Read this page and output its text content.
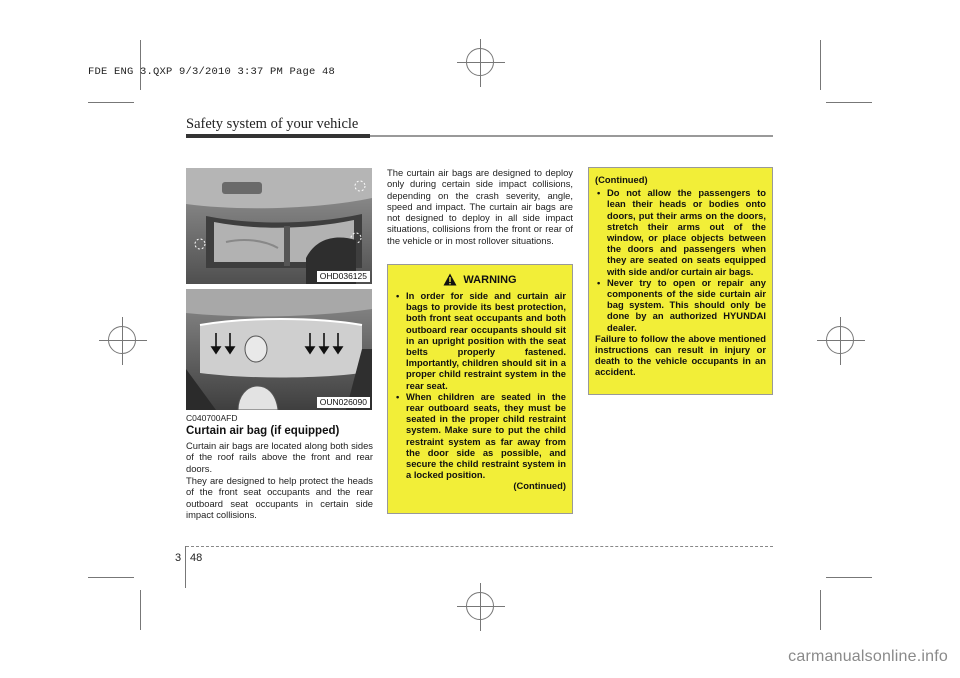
FDE ENG 3.QXP 9/3/2010 3:37 PM Page 48
Safety system of your vehicle
OHD036125
OUN026090
C040700AFD
Curtain air bag (if equipped)
Curtain air bags are located along both sides of the roof rails above the front and rear doors.
They are designed to help protect the heads of the front seat occupants and the rear outboard seat occupants in certain side impact collisions.
The curtain air bags are designed to deploy only during certain side impact collisions, depending on the crash severity, angle, speed and impact. The curtain air bags are not designed to deploy in all side impact situations, collisions from the front or rear of the vehicle or in most rollover situations.
WARNING
• In order for side and curtain air bags to provide its best protection, both front seat occupants and both outboard rear occupants should sit in an upright position with the seat belts properly fastened. Importantly, children should sit in a proper child restraint system in the rear seat.
• When children are seated in the rear outboard seats, they must be seated in the proper child restraint system. Make sure to put the child restraint system as far away from the door side as possible, and secure the child restraint system in a locked position.
(Continued)
(Continued)
• Do not allow the passengers to lean their heads or bodies onto doors, put their arms on the doors, stretch their arms out of the window, or place objects between the doors and passengers when they are seated on seats equipped with side and/or curtain air bags.
• Never try to open or repair any components of the side curtain air bag system. This should only be done by an authorized HYUNDAI dealer.
Failure to follow the above mentioned instructions can result in injury or death to the vehicle occupants in an accident.
3 48
carmanualsonline.info
